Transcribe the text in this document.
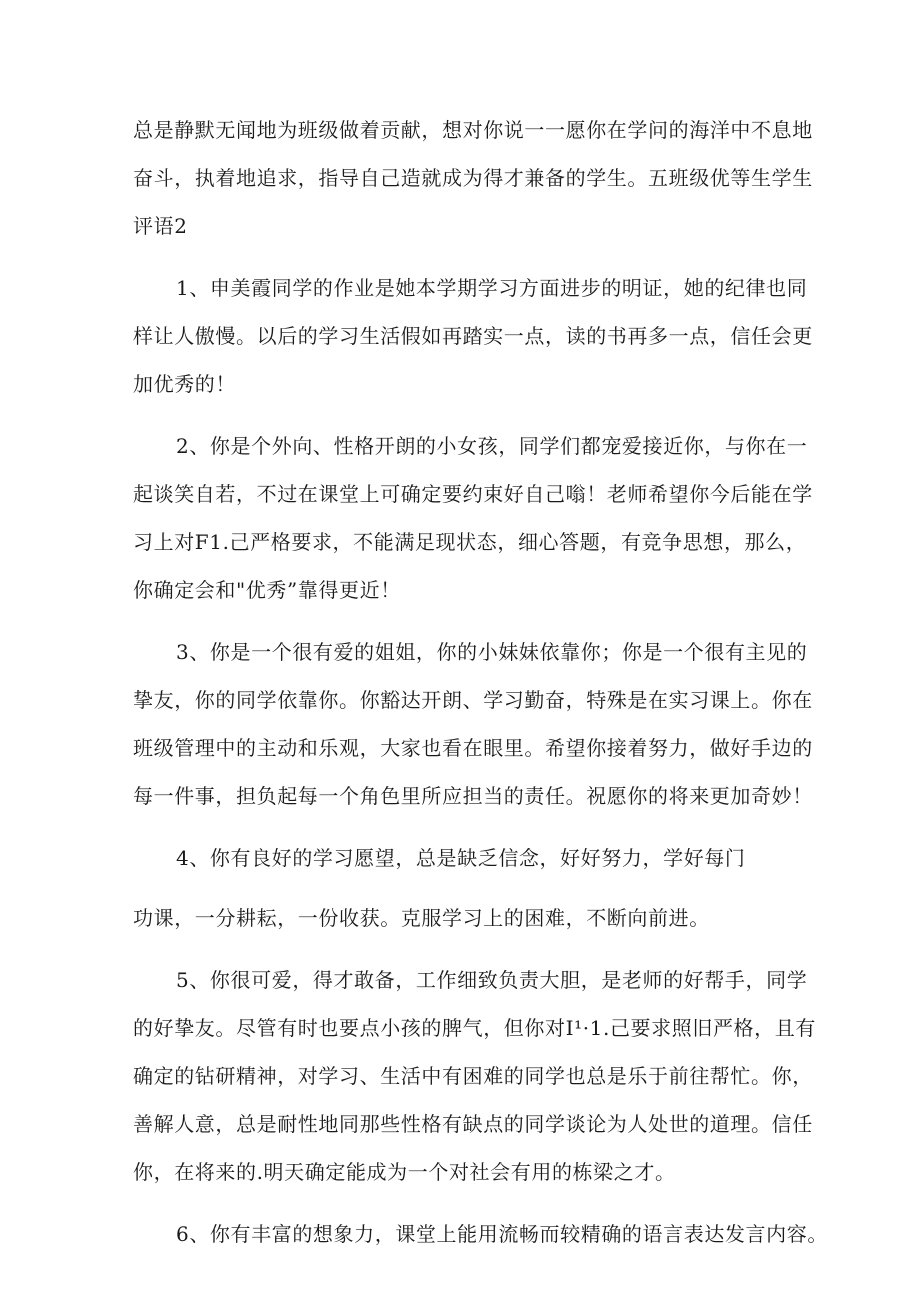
总是静默无闻地为班级做着贡献，想对你说一一愿你在学问的海洋中不息地

奋斗，执着地追求，指导自己造就成为得才兼备的学生。五班级优等生学生

评语2

1、申美霞同学的作业是她本学期学习方面进步的明证，她的纪律也同

样让人傲慢。以后的学习生活假如再踏实一点，读的书再多一点，信任会更

加优秀的！

2、你是个外向、性格开朗的小女孩，同学们都宠爱接近你，与你在一

起谈笑自若，不过在课堂上可确定要约束好自己嗡！老师希望你今后能在学

习上对F1.己严格要求，不能满足现状态，细心答题，有竞争思想，那么，

你确定会和"优秀”靠得更近！

3、你是一个很有爱的姐姐，你的小妹妹依靠你；你是一个很有主见的

挚友，你的同学依靠你。你豁达开朗、学习勤奋，特殊是在实习课上。你在

班级管理中的主动和乐观，大家也看在眼里。希望你接着努力，做好手边的

每一件事，担负起每一个角色里所应担当的责任。祝愿你的将来更加奇妙！

4、你有良好的学习愿望，总是缺乏信念，好好努力，学好每门

功课，一分耕耘，一份收获。克服学习上的困难，不断向前进。

5、你很可爱，得才敢备，工作细致负责大胆，是老师的好帮手，同学

的好挚友。尽管有时也要点小孩的脾气，但你对I¹·1.己要求照旧严格，且有

确定的钻研精神，对学习、生活中有困难的同学也总是乐于前往帮忙。你，

善解人意，总是耐性地同那些性格有缺点的同学谈论为人处世的道理。信任

你，在将来的.明天确定能成为一个对社会有用的栋梁之才。

6、你有丰富的想象力，课堂上能用流畅而较精确的语言表达发言内容。
